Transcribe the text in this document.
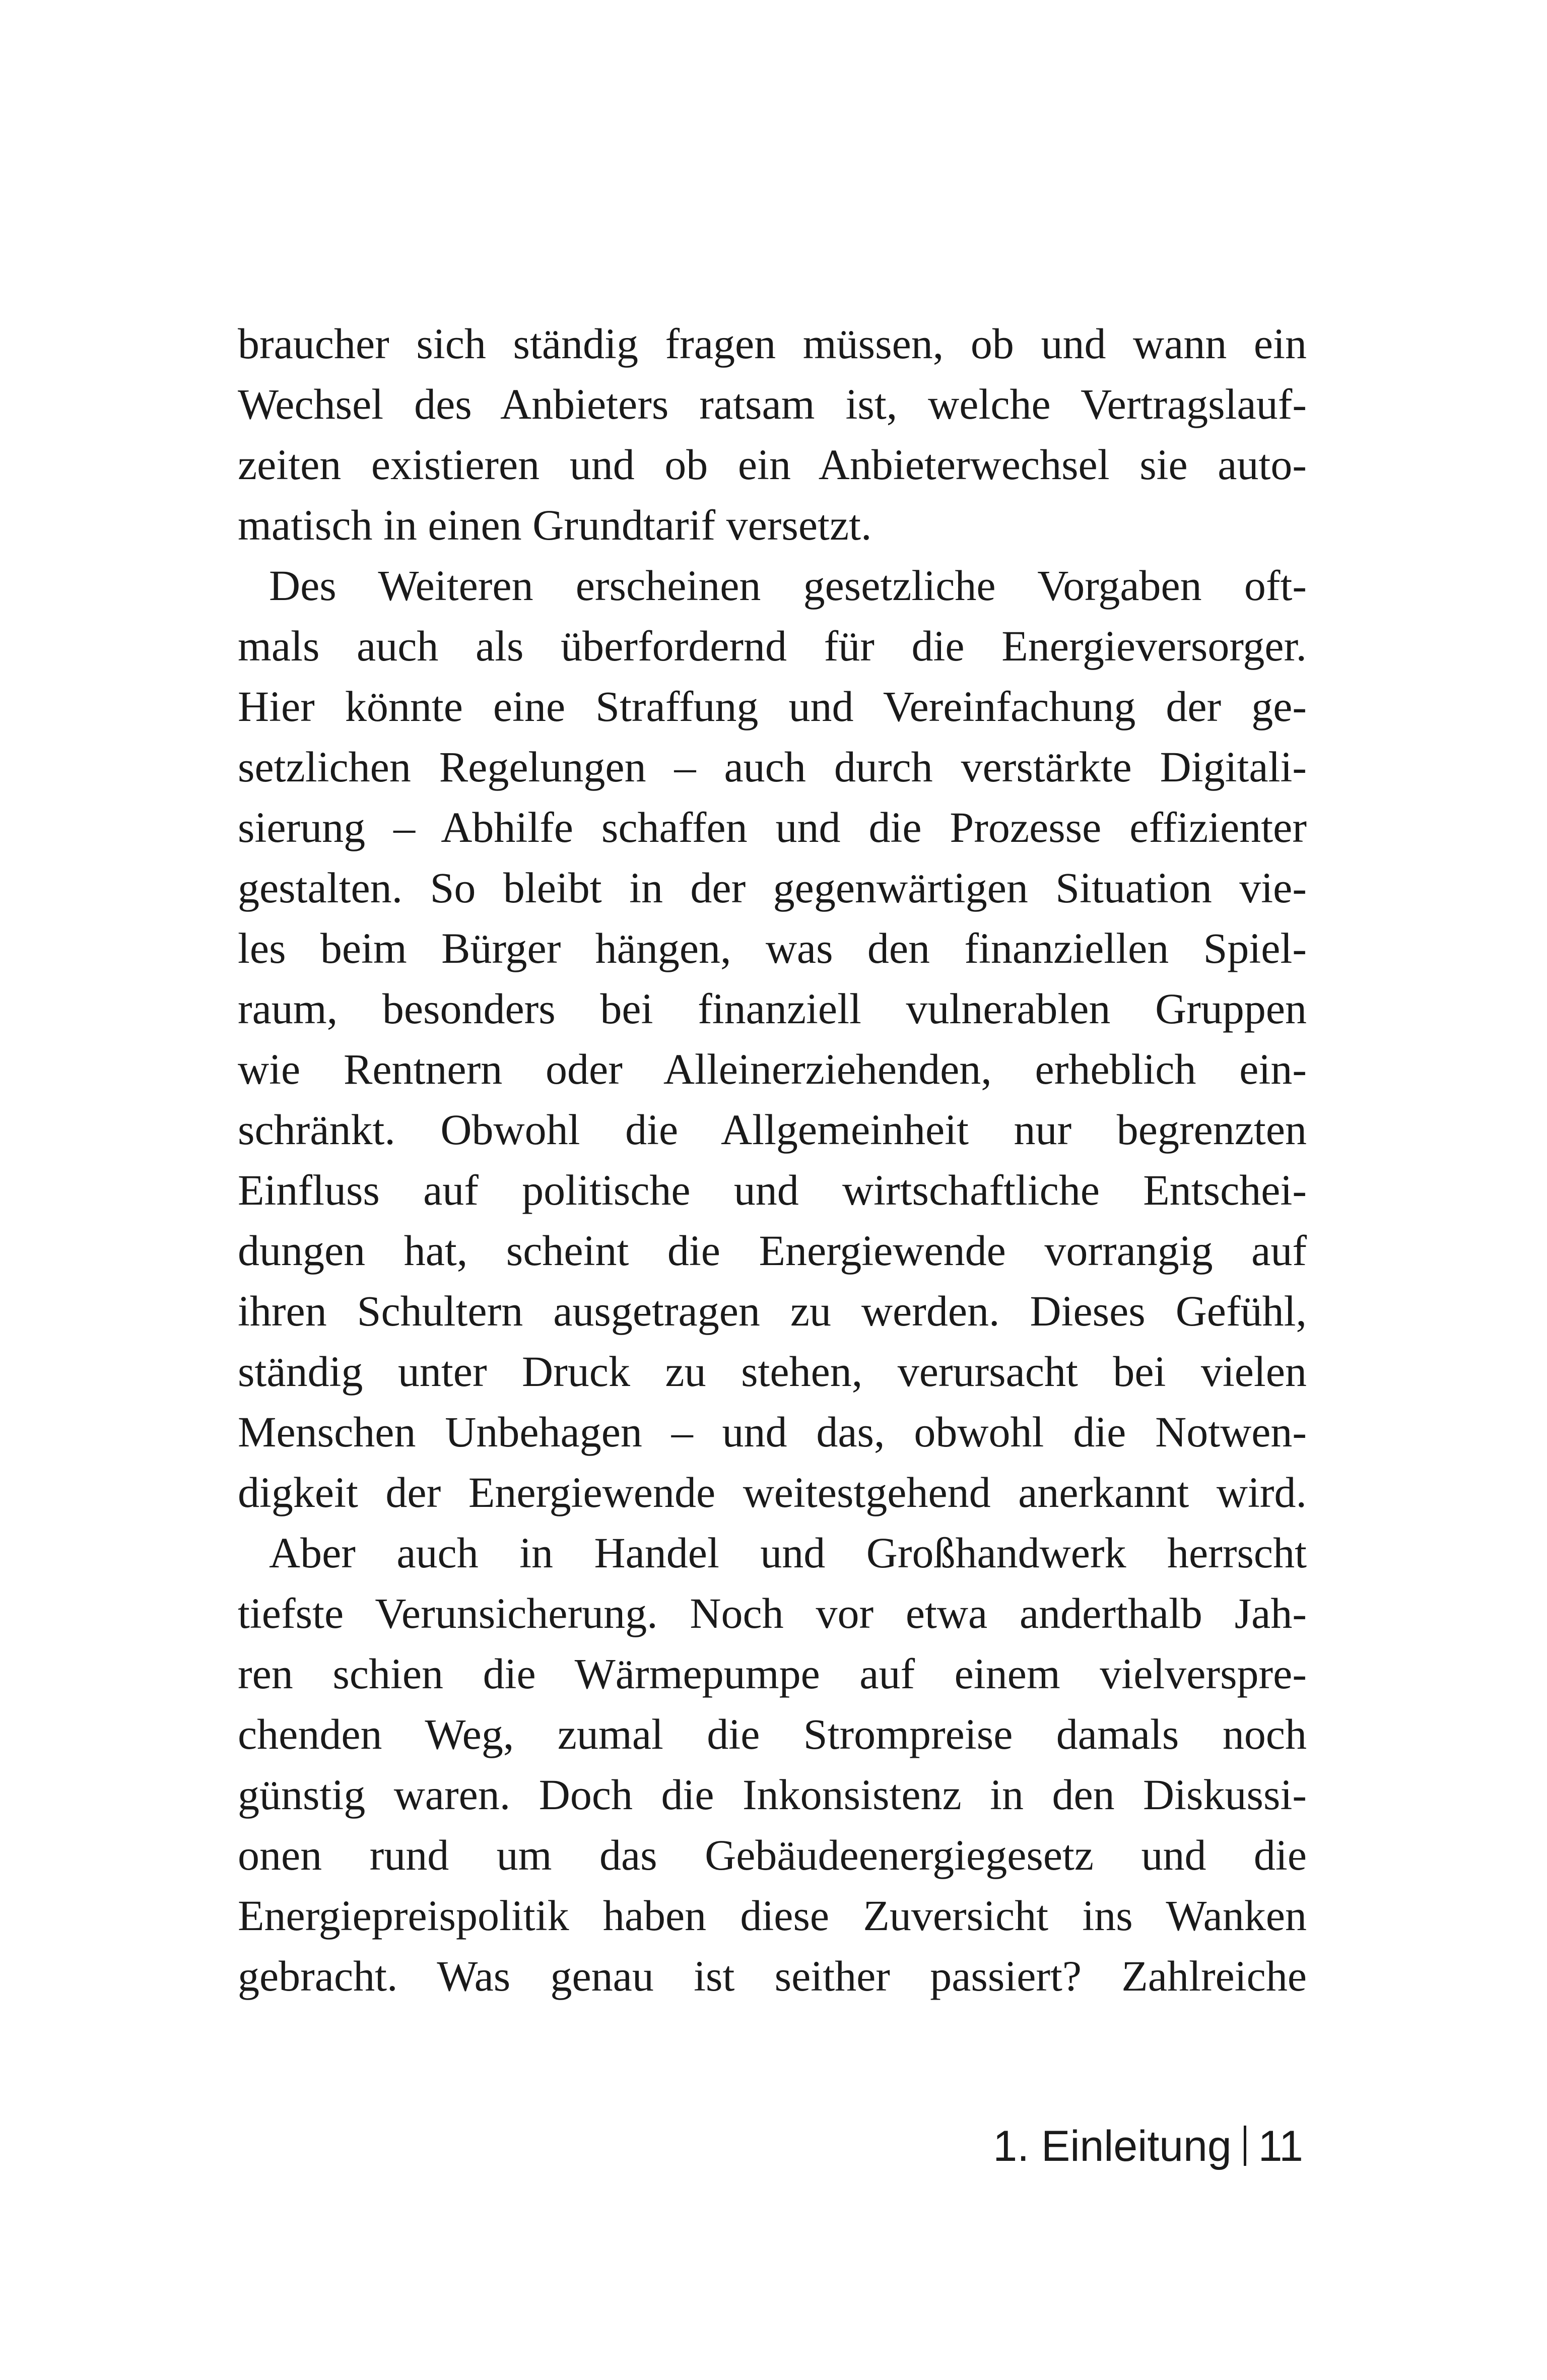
braucher sich ständig fragen müssen, ob und wann ein
Wechsel des Anbieters ratsam ist, welche Vertragslauf-
zeiten existieren und ob ein Anbieterwechsel sie auto-
matisch in einen Grundtarif versetzt.
Des Weiteren erscheinen gesetzliche Vorgaben oft-
mals auch als überfordernd für die Energieversorger.
Hier könnte eine Straffung und Vereinfachung der ge-
setzlichen Regelungen – auch durch verstärkte Digitali-
sierung – Abhilfe schaffen und die Prozesse effizienter
gestalten. So bleibt in der gegenwärtigen Situation vie-
les beim Bürger hängen, was den finanziellen Spiel-
raum, besonders bei finanziell vulnerablen Gruppen
wie Rentnern oder Alleinerziehenden, erheblich ein-
schränkt. Obwohl die Allgemeinheit nur begrenzten
Einfluss auf politische und wirtschaftliche Entschei-
dungen hat, scheint die Energiewende vorrangig auf
ihren Schultern ausgetragen zu werden. Dieses Gefühl,
ständig unter Druck zu stehen, verursacht bei vielen
Menschen Unbehagen – und das, obwohl die Notwen-
digkeit der Energiewende weitestgehend anerkannt wird.
Aber auch in Handel und Großhandwerk herrscht
tiefste Verunsicherung. Noch vor etwa anderthalb Jah-
ren schien die Wärmepumpe auf einem vielverspre-
chenden Weg, zumal die Strompreise damals noch
günstig waren. Doch die Inkonsistenz in den Diskussi-
onen rund um das Gebäudeenergiegesetz und die
Energiepreispolitik haben diese Zuversicht ins Wanken
gebracht. Was genau ist seither passiert? Zahlreiche
1. Einleitung 11
